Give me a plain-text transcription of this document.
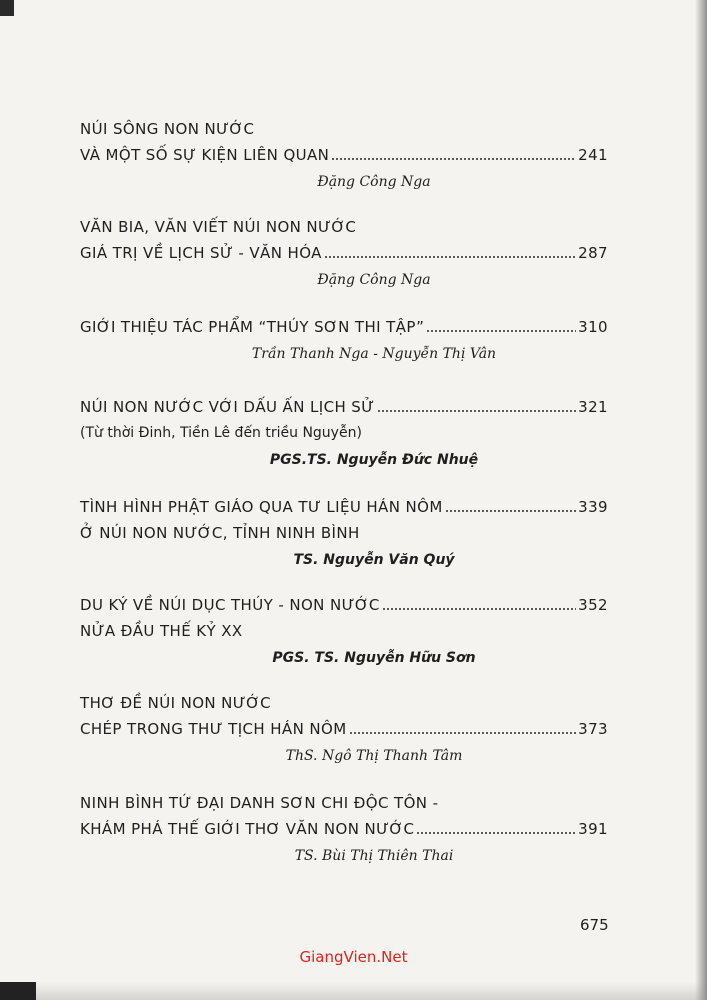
NÚI SÔNG NON NƯỚC
VÀ MỘT SỐ SỰ KIỆN LIÊN QUAN	241
Đặng Công Nga
VĂN BIA, VĂN VIẾT NÚI NON NƯỚC
GIÁ TRỊ VỀ LỊCH SỬ - VĂN HÓA	287
Đặng Công Nga
GIỚI THIỆU TÁC PHẨM “THÚY SƠN THI TẬP”	310
Trần Thanh Nga - Nguyễn Thị Vân
NÚI NON NƯỚC VỚI DẤU ẤN LỊCH SỬ	321
(Từ thời Đinh, Tiền Lê đến triều Nguyễn)
PGS.TS. Nguyễn Đức Nhuệ
TÌNH HÌNH PHẬT GIÁO QUA TƯ LIỆU HÁN NÔM	339
Ở NÚI NON NƯỚC, TỈNH NINH BÌNH
TS. Nguyễn Văn Quý
DU KÝ VỀ NÚI DỤC THÚY - NON NƯỚC	352
NỬA ĐẦU THẾ KỶ XX
PGS. TS. Nguyễn Hữu Sơn
THƠ ĐỀ NÚI NON NƯỚC
CHÉP TRONG THƯ TỊCH HÁN NÔM	373
ThS. Ngô Thị Thanh Tâm
NINH BÌNH TỨ ĐẠI DANH SƠN CHI ĐỘC TÔN -
KHÁM PHÁ THẾ GIỚI THƠ VĂN NON NƯỚC	391
TS. Bùi Thị Thiên Thai
675
GiangVien.Net
